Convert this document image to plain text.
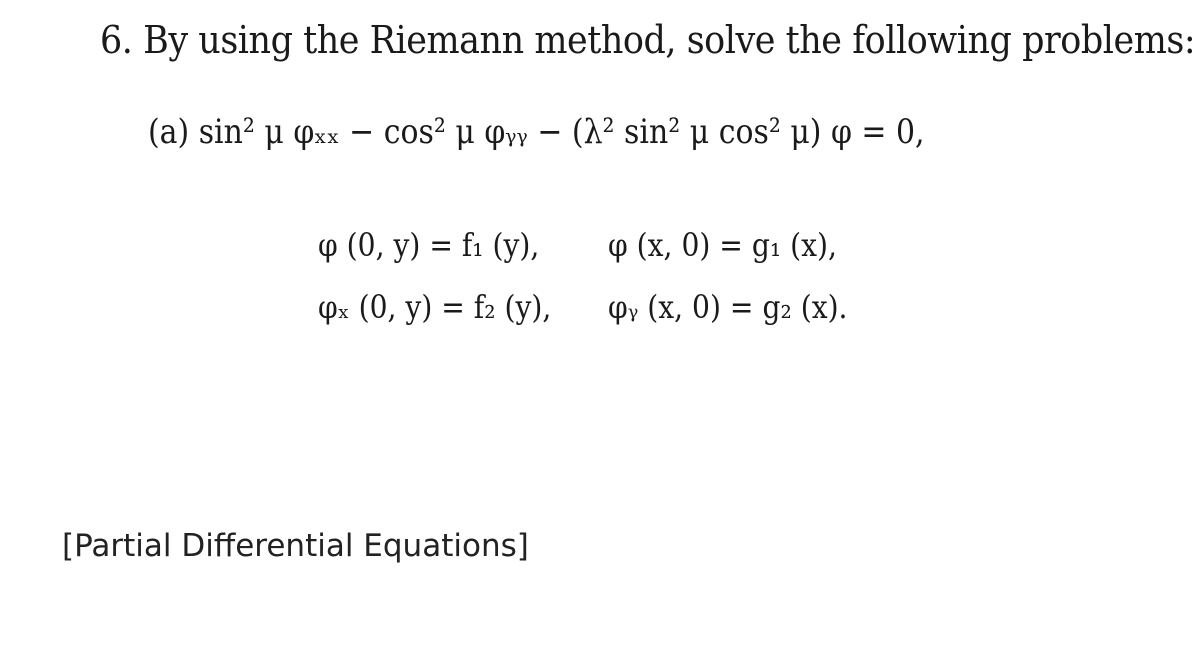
6. By using the Riemann method, solve the following problems:
(a) sin² μ φₓₓ − cos² μ φᵧᵧ − (λ² sin² μ cos² μ) φ = 0,
φ (0, y) = f₁ (y), φ (x, 0) = g₁ (x),
φₓ (0, y) = f₂ (y), φᵧ (x, 0) = g₂ (x).
[Partial Differential Equations]
